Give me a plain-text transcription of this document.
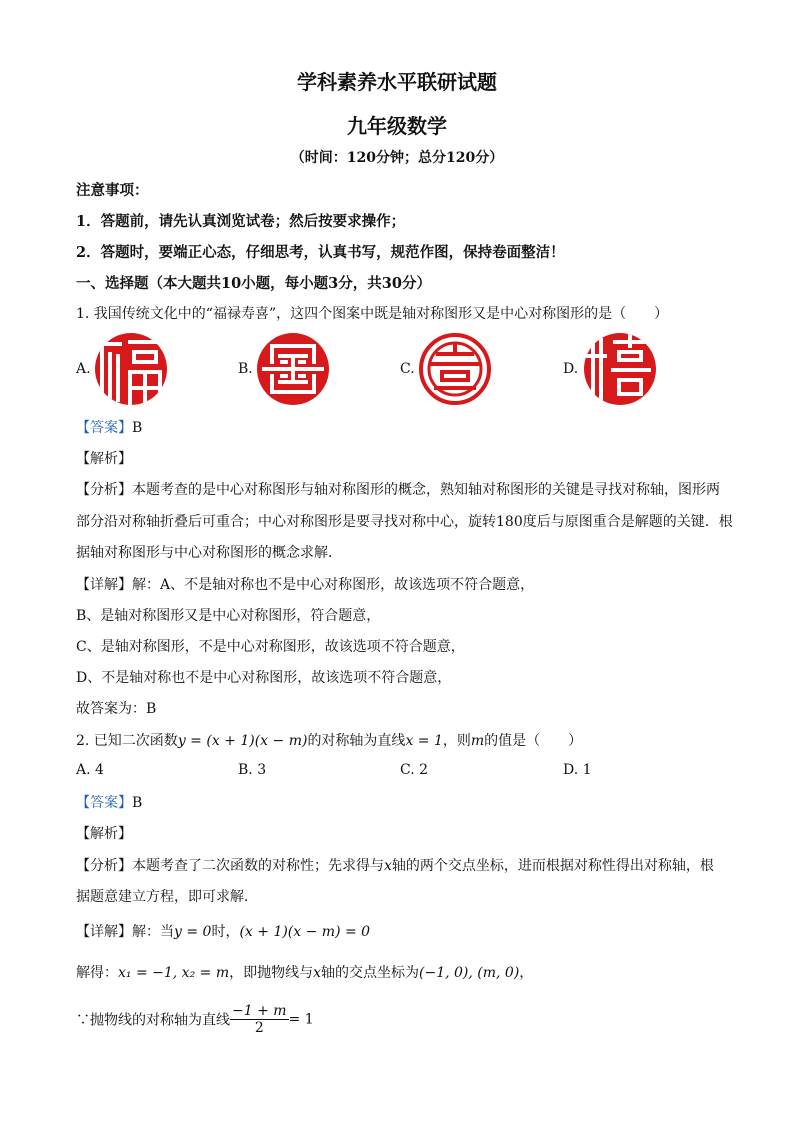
学科素养水平联研试题
九年级数学
（时间：120分钟；总分120分）
注意事项：
1．答题前，请先认真浏览试卷；然后按要求操作；
2．答题时，要端正心态，仔细思考，认真书写，规范作图，保持卷面整洁！
一、选择题（本大题共10小题，每小题3分，共30分）
1. 我国传统文化中的“福禄寿喜”，这四个图案中既是轴对称图形又是中心对称图形的是（　　）
A.	B.	C.	D.
【答案】B
【解析】
【分析】本题考查的是中心对称图形与轴对称图形的概念，熟知轴对称图形的关键是寻找对称轴，图形两
部分沿对称轴折叠后可重合；中心对称图形是要寻找对称中心，旋转180度后与原图重合是解题的关键．根
据轴对称图形与中心对称图形的概念求解．
【详解】解：A、不是轴对称也不是中心对称图形，故该选项不符合题意，
B、是轴对称图形又是中心对称图形，符合题意，
C、是轴对称图形，不是中心对称图形，故该选项不符合题意，
D、不是轴对称也不是中心对称图形，故该选项不符合题意，
故答案为：B
2. 已知二次函数y = (x + 1)(x − m)的对称轴为直线x = 1，则m的值是（　　）
A. 4	B. 3	C. 2	D. 1
【答案】B
【解析】
【分析】本题考查了二次函数的对称性；先求得与x轴的两个交点坐标，进而根据对称性得出对称轴，根
据题意建立方程，即可求解．
【详解】解：当y = 0时，(x + 1)(x − m) = 0
解得：x₁ = −1, x₂ = m，即抛物线与x轴的交点坐标为(−1, 0), (m, 0)，
∵抛物线的对称轴为直线 $\frac{-1 + m}{2} = 1$
